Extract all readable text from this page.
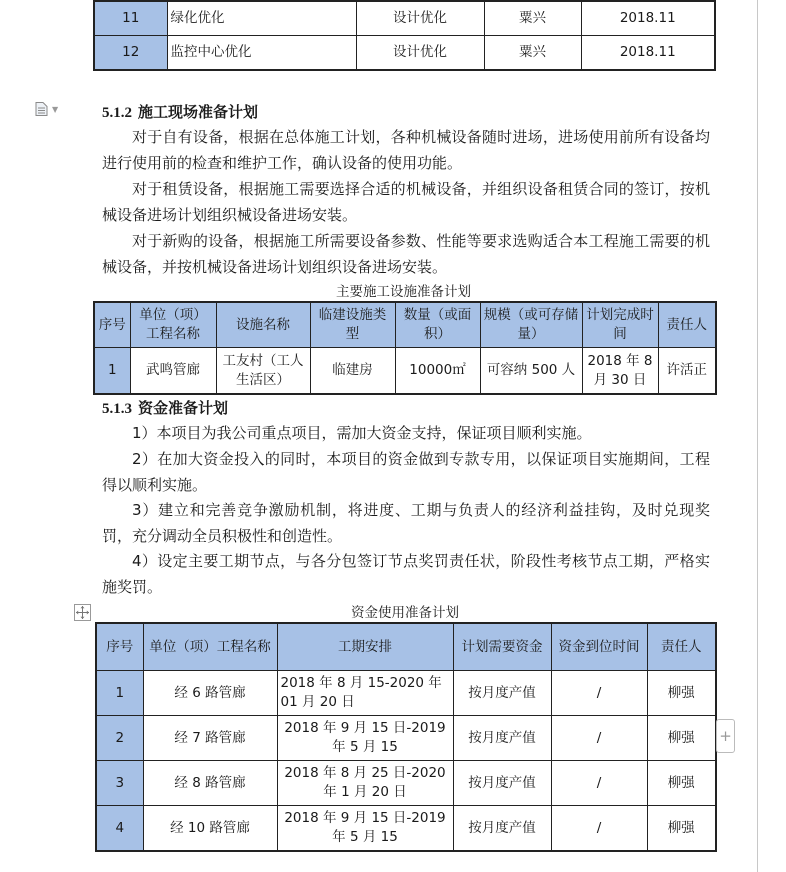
11	绿化优化	设计优化	粟兴	2018.11
12	监控中心优化	设计优化	粟兴	2018.11
▼	5.1.2 施工现场准备计划
对于自有设备，根据在总体施工计划，各种机械设备随时进场，进场使用前所有设备均进行使用前的检查和维护工作，确认设备的使用功能。
对于租赁设备，根据施工需要选择合适的机械设备，并组织设备租赁合同的签订，按机械设备进场计划组织械设备进场安装。
对于新购的设备，根据施工所需要设备参数、性能等要求选购适合本工程施工需要的机械设备，并按机械设备进场计划组织设备进场安装。
主要施工设施准备计划
序号	单位（项）工程名称	设施名称	临建设施类型	数量（或面积）	规模（或可存储量）	计划完成时间	责任人
1	武鸣管廊	工友村（工人生活区）	临建房	10000㎡	可容纳 500 人	2018 年 8 月 30 日	许活正
5.1.3 资金准备计划
1）本项目为我公司重点项目，需加大资金支持，保证项目顺利实施。
2）在加大资金投入的同时，本项目的资金做到专款专用，以保证项目实施期间，工程得以顺利实施。
3）建立和完善竞争激励机制，将进度、工期与负责人的经济利益挂钩，及时兑现奖罚，充分调动全员积极性和创造性。
4）设定主要工期节点，与各分包签订节点奖罚责任状，阶段性考核节点工期，严格实施奖罚。
资金使用准备计划
序号	单位（项）工程名称	工期安排	计划需要资金	资金到位时间	责任人
1	经 6 路管廊	2018 年 8 月 15-2020 年 01 月 20 日	按月度产值	/	柳强
2	经 7 路管廊	2018 年 9 月 15 日-2019 年 5 月 15	按月度产值	/	柳强
3	经 8 路管廊	2018 年 8 月 25 日-2020 年 1 月 20 日	按月度产值	/	柳强
4	经 10 路管廊	2018 年 9 月 15 日-2019 年 5 月 15	按月度产值	/	柳强
+
